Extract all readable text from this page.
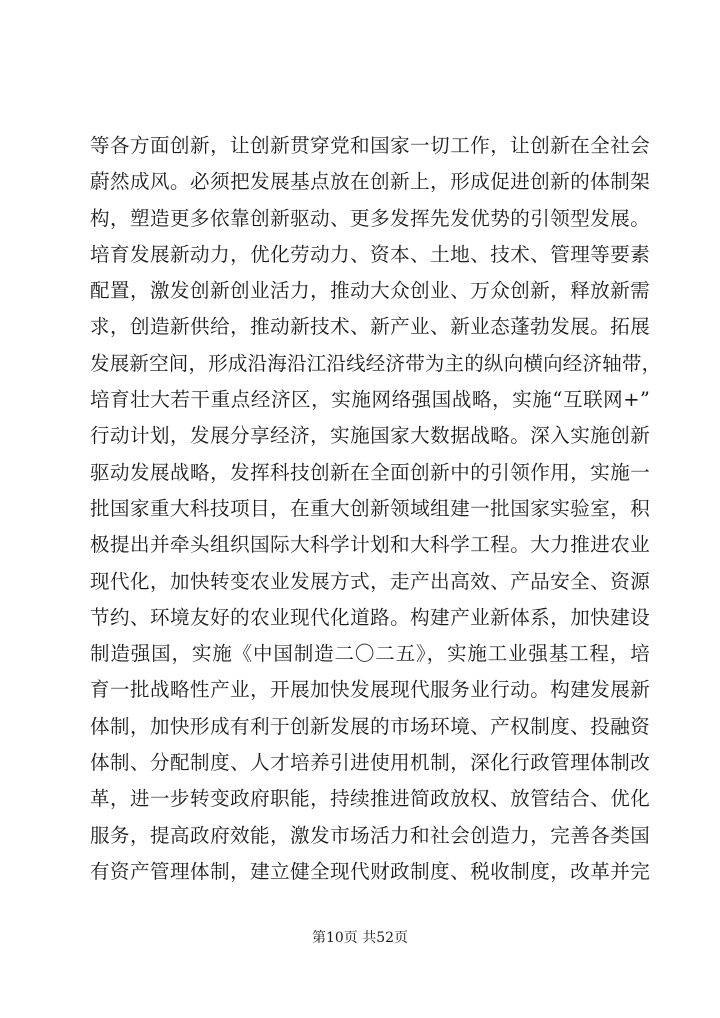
等各方面创新，让创新贯穿党和国家一切工作，让创新在全社会
蔚然成风。必须把发展基点放在创新上，形成促进创新的体制架
构，塑造更多依靠创新驱动、更多发挥先发优势的引领型发展。
培育发展新动力，优化劳动力、资本、土地、技术、管理等要素
配置，激发创新创业活力，推动大众创业、万众创新，释放新需
求，创造新供给，推动新技术、新产业、新业态蓬勃发展。拓展
发展新空间，形成沿海沿江沿线经济带为主的纵向横向经济轴带，
培育壮大若干重点经济区，实施网络强国战略，实施“互联网+”
行动计划，发展分享经济，实施国家大数据战略。深入实施创新
驱动发展战略，发挥科技创新在全面创新中的引领作用，实施一
批国家重大科技项目，在重大创新领域组建一批国家实验室，积
极提出并牵头组织国际大科学计划和大科学工程。大力推进农业
现代化，加快转变农业发展方式，走产出高效、产品安全、资源
节约、环境友好的农业现代化道路。构建产业新体系，加快建设
制造强国，实施《中国制造二〇二五》，实施工业强基工程，培
育一批战略性产业，开展加快发展现代服务业行动。构建发展新
体制，加快形成有利于创新发展的市场环境、产权制度、投融资
体制、分配制度、人才培养引进使用机制，深化行政管理体制改
革，进一步转变政府职能，持续推进简政放权、放管结合、优化
服务，提高政府效能，激发市场活力和社会创造力，完善各类国
有资产管理体制，建立健全现代财政制度、税收制度，改革并完
第10页 共52页
